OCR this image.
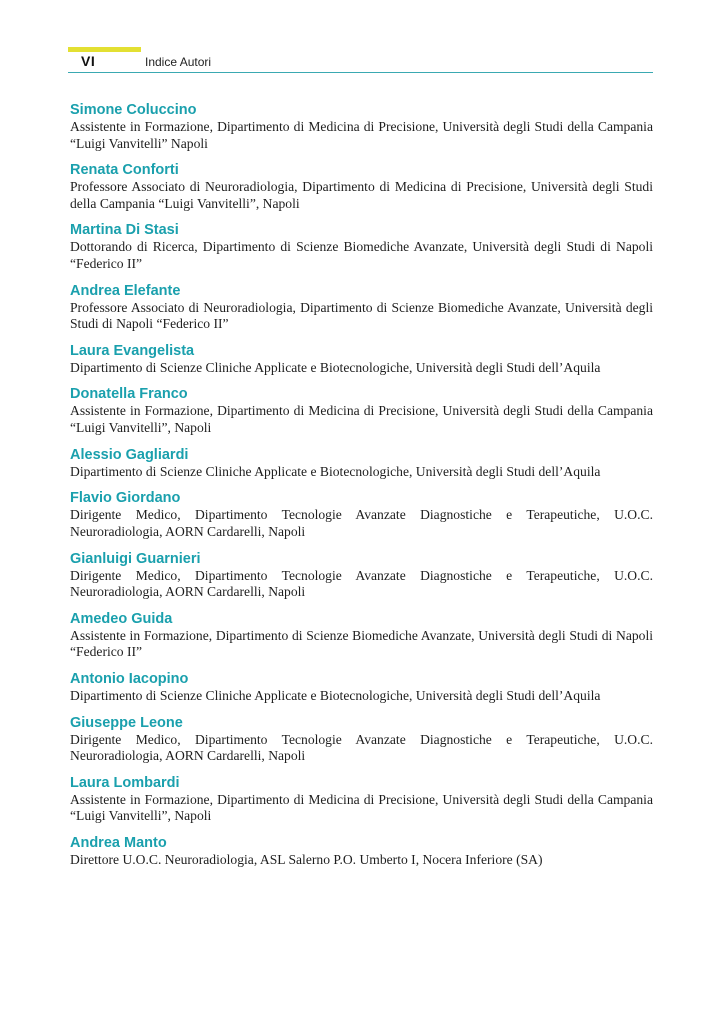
VI	Indice Autori
Simone Coluccino
Assistente in Formazione, Dipartimento di Medicina di Precisione, Università degli Studi della Campania “Luigi Vanvitelli” Napoli
Renata Conforti
Professore Associato di Neuroradiologia, Dipartimento di Medicina di Precisione, Università degli Studi della Campania “Luigi Vanvitelli”, Napoli
Martina Di Stasi
Dottorando di Ricerca, Dipartimento di Scienze Biomediche Avanzate, Università degli Studi di Napoli “Federico II”
Andrea Elefante
Professore Associato di Neuroradiologia, Dipartimento di Scienze Biomediche Avanzate, Università degli Studi di Napoli “Federico II”
Laura Evangelista
Dipartimento di Scienze Cliniche Applicate e Biotecnologiche, Università degli Studi dell’Aquila
Donatella Franco
Assistente in Formazione, Dipartimento di Medicina di Precisione, Università degli Studi della Campania “Luigi Vanvitelli”, Napoli
Alessio Gagliardi
Dipartimento di Scienze Cliniche Applicate e Biotecnologiche, Università degli Studi dell’Aquila
Flavio Giordano
Dirigente Medico, Dipartimento Tecnologie Avanzate Diagnostiche e Terapeutiche, U.O.C. Neuroradiologia, AORN Cardarelli, Napoli
Gianluigi Guarnieri
Dirigente Medico, Dipartimento Tecnologie Avanzate Diagnostiche e Terapeutiche, U.O.C. Neuroradiologia, AORN Cardarelli, Napoli
Amedeo Guida
Assistente in Formazione, Dipartimento di Scienze Biomediche Avanzate, Università degli Studi di Napoli “Federico II”
Antonio Iacopino
Dipartimento di Scienze Cliniche Applicate e Biotecnologiche, Università degli Studi dell’Aquila
Giuseppe Leone
Dirigente Medico, Dipartimento Tecnologie Avanzate Diagnostiche e Terapeutiche, U.O.C. Neuroradiologia, AORN Cardarelli, Napoli
Laura Lombardi
Assistente in Formazione, Dipartimento di Medicina di Precisione, Università degli Studi della Campania “Luigi Vanvitelli”, Napoli
Andrea Manto
Direttore U.O.C. Neuroradiologia, ASL Salerno P.O. Umberto I, Nocera Inferiore (SA)
